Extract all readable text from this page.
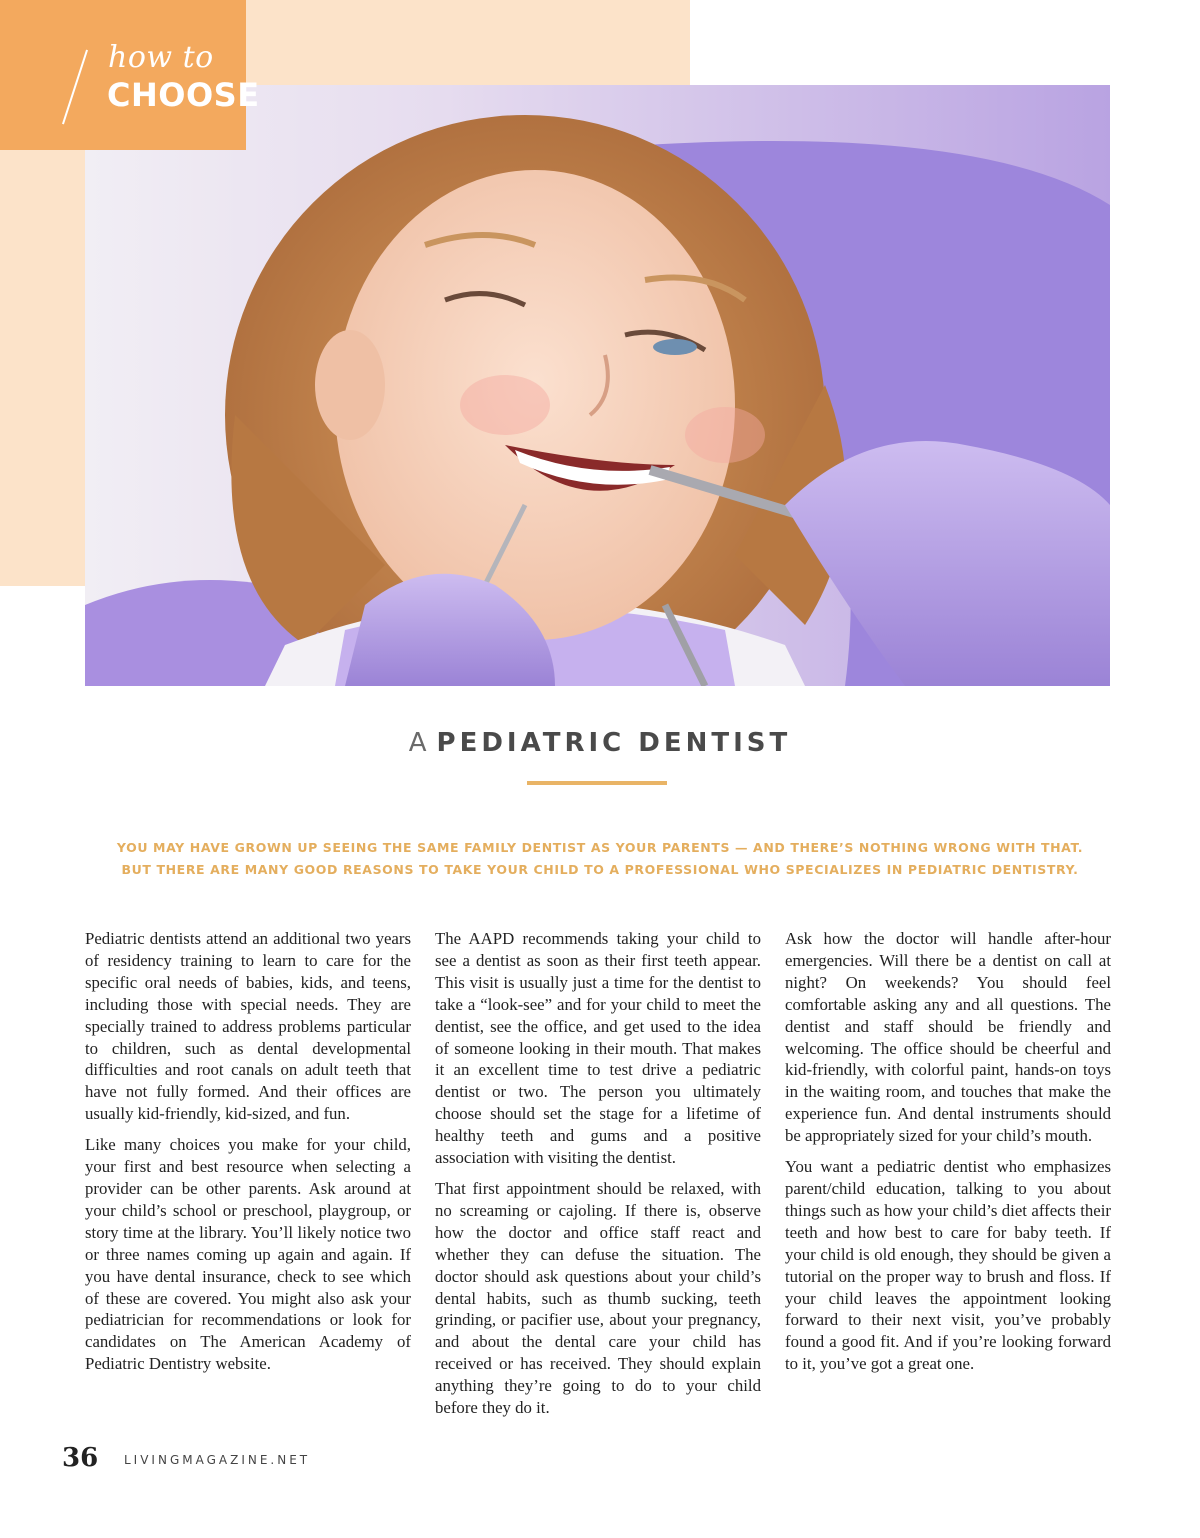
how to
CHOOSE
A PEDIATRIC DENTIST
YOU MAY HAVE GROWN UP SEEING THE SAME FAMILY DENTIST AS YOUR PARENTS — AND THERE’S NOTHING WRONG WITH THAT.
BUT THERE ARE MANY GOOD REASONS TO TAKE YOUR CHILD TO A PROFESSIONAL WHO SPECIALIZES IN PEDIATRIC DENTISTRY.

Pediatric dentists attend an additional two years of residency training to learn to care for the specific oral needs of babies, kids, and teens, including those with special needs. They are specially trained to address problems particular to children, such as dental developmental difficulties and root canals on adult teeth that have not fully formed. And their offices are usually kid-friendly, kid-sized, and fun.

Like many choices you make for your child, your first and best resource when selecting a provider can be other parents. Ask around at your child’s school or preschool, playgroup, or story time at the library. You’ll likely notice two or three names coming up again and again. If you have dental insurance, check to see which of these are covered. You might also ask your pediatrician for recommendations or look for candidates on The American Academy of Pediatric Dentistry website.

The AAPD recommends taking your child to see a dentist as soon as their first teeth appear. This visit is usually just a time for the dentist to take a “look-see” and for your child to meet the dentist, see the office, and get used to the idea of someone looking in their mouth. That makes it an excellent time to test drive a pediatric dentist or two. The person you ultimately choose should set the stage for a lifetime of healthy teeth and gums and a positive association with visiting the dentist.

That first appointment should be relaxed, with no screaming or cajoling. If there is, observe how the doctor and office staff react and whether they can defuse the situation. The doctor should ask questions about your child’s dental habits, such as thumb sucking, teeth grinding, or pacifier use, about your pregnancy, and about the dental care your child has received or has received. They should explain anything they’re going to do to your child before they do it.

Ask how the doctor will handle after-hour emergencies. Will there be a dentist on call at night? On weekends? You should feel comfortable asking any and all questions. The dentist and staff should be friendly and welcoming. The office should be cheerful and kid-friendly, with colorful paint, hands-on toys in the waiting room, and touches that make the experience fun. And dental instruments should be appropriately sized for your child’s mouth.

You want a pediatric dentist who emphasizes parent/child education, talking to you about things such as how your child’s diet affects their teeth and how best to care for baby teeth. If your child is old enough, they should be given a tutorial on the proper way to brush and floss. If your child leaves the appointment looking forward to their next visit, you’ve probably found a good fit. And if you’re looking forward to it, you’ve got a great one.

36 LIVINGMAGAZINE.NET
